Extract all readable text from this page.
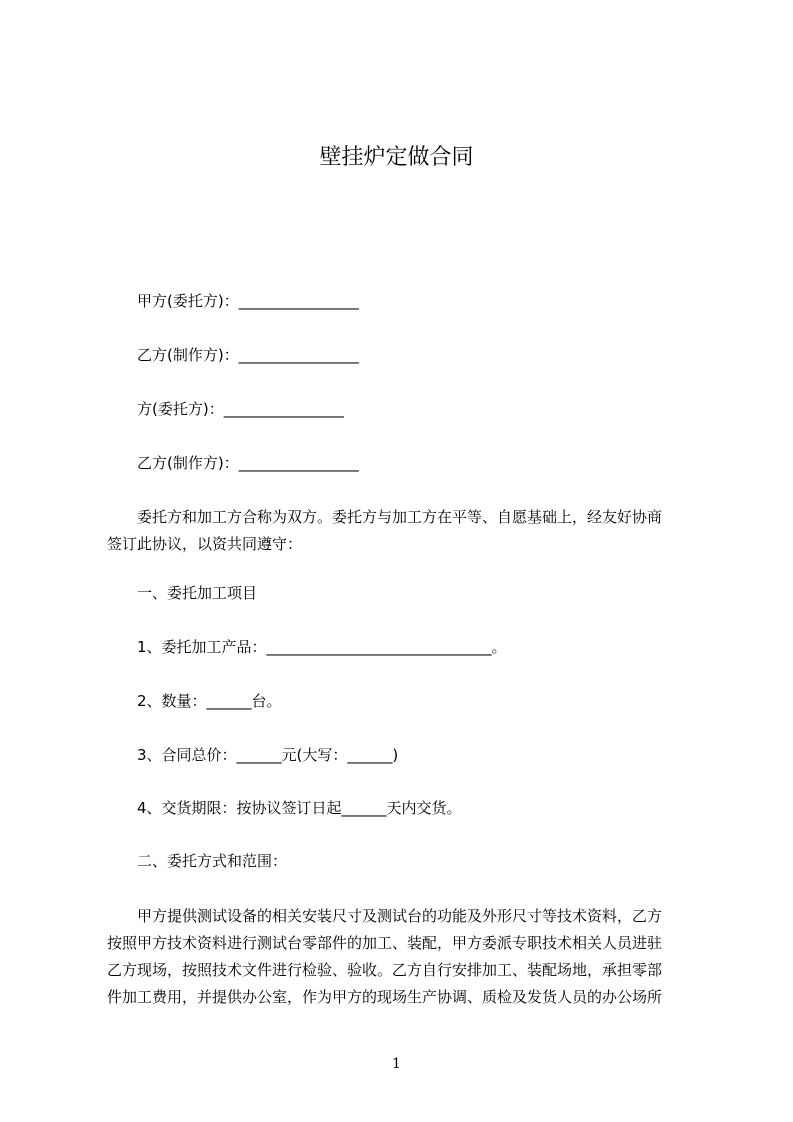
壁挂炉定做合同
甲方(委托方)：________________
乙方(制作方)：________________
方(委托方)：________________
乙方(制作方)：________________
委托方和加工方合称为双方。委托方与加工方在平等、自愿基础上，经友好协商
签订此协议，以资共同遵守：
一、委托加工项目
1、委托加工产品：______________________________。
2、数量：______台。
3、合同总价：______元(大写：______)
4、交货期限：按协议签订日起______天内交货。
二、委托方式和范围：
甲方提供测试设备的相关安装尺寸及测试台的功能及外形尺寸等技术资料，乙方
按照甲方技术资料进行测试台零部件的加工、装配，甲方委派专职技术相关人员进驻
乙方现场，按照技术文件进行检验、验收。乙方自行安排加工、装配场地，承担零部
件加工费用，并提供办公室，作为甲方的现场生产协调、质检及发货人员的办公场所
1
